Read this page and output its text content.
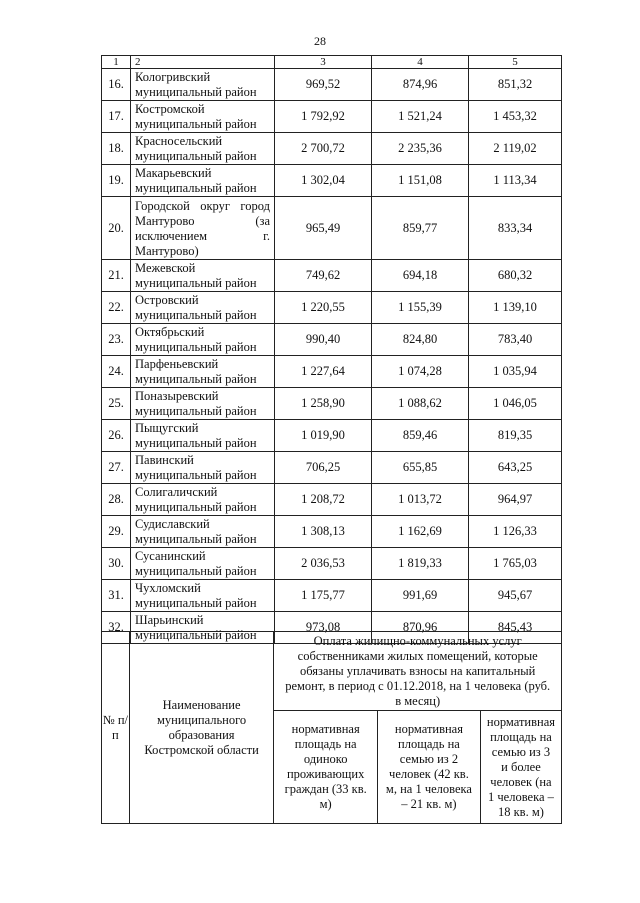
28
1	2	3	4	5
16.	Кологривский муниципальный район	969,52	874,96	851,32
17.	Костромской муниципальный район	1 792,92	1 521,24	1 453,32
18.	Красносельский муниципальный район	2 700,72	2 235,36	2 119,02
19.	Макарьевский муниципальный район	1 302,04	1 151,08	1 113,34
20.	Городской округ город Мантурово (за исключением г. Мантурово)	965,49	859,77	833,34
21.	Межевской муниципальный район	749,62	694,18	680,32
22.	Островский муниципальный район	1 220,55	1 155,39	1 139,10
23.	Октябрьский муниципальный район	990,40	824,80	783,40
24.	Парфеньевский муниципальный район	1 227,64	1 074,28	1 035,94
25.	Поназыревский муниципальный район	1 258,90	1 088,62	1 046,05
26.	Пыщугский муниципальный район	1 019,90	859,46	819,35
27.	Павинский муниципальный район	706,25	655,85	643,25
28.	Солигаличский муниципальный район	1 208,72	1 013,72	964,97
29.	Судиславский муниципальный район	1 308,13	1 162,69	1 126,33
30.	Сусанинский муниципальный район	2 036,53	1 819,33	1 765,03
31.	Чухломский муниципальный район	1 175,77	991,69	945,67
32.	Шарьинский муниципальный район	973,08	870,96	845,43
№ п/п	Наименование муниципального образования Костромской области	Оплата жилищно-коммунальных услуг собственниками жилых помещений, которые обязаны уплачивать взносы на капитальный ремонт, в период с 01.12.2018, на 1 человека (руб. в месяц)		
		нормативная площадь на одиноко проживающих граждан (33 кв. м)	нормативная площадь на семью из 2 человек (42 кв. м, на 1 человека – 21 кв. м)	нормативная площадь на семью из 3 и более человек (на 1 человека – 18 кв. м)
